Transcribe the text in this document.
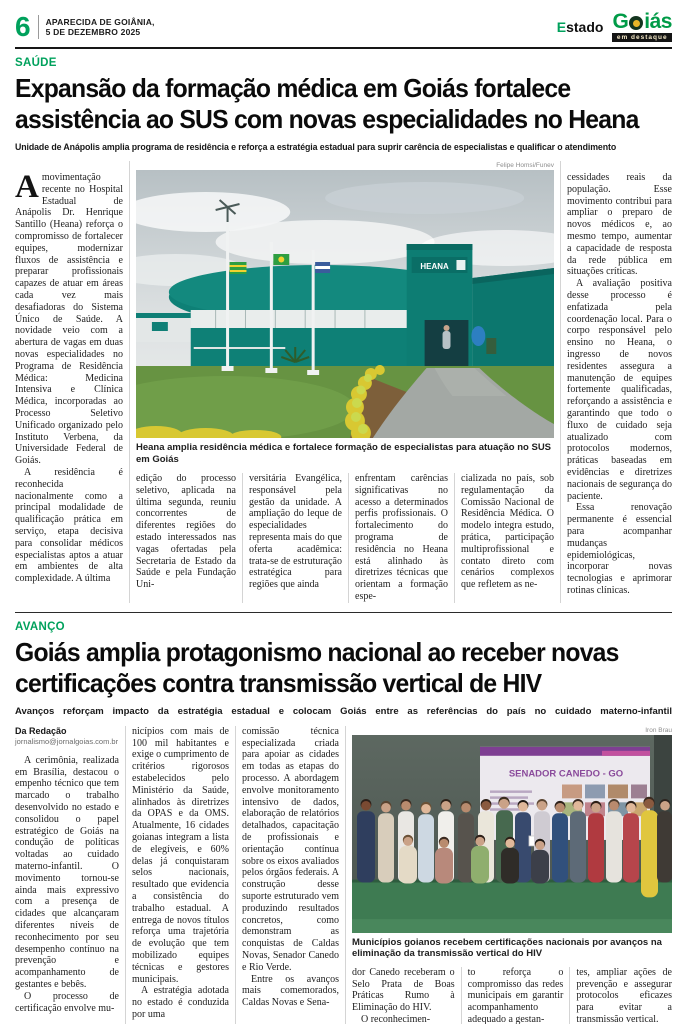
6 APARECIDA DE GOIÂNIA,
5 DE DEZEMBRO 2025	Estado G iás
em destaque
SAÚDE
Expansão da formação médica em Goiás fortalece
assistência ao SUS com novas especialidades no Heana
Unidade de Anápolis amplia programa de residência e reforça a estratégia estadual para suprir carência de especialistas e qualificar o atendimento

Amovimentação recente no Hospital Estadual de Anápolis Dr. Henrique Santillo (Heana) reforça o compromisso de fortalecer equipes, modernizar fluxos de assistência e preparar profissionais capazes de atuar em áreas cada vez mais desafiadoras do Sistema Único de Saúde. A novidade veio com a abertura de vagas em duas novas especialidades no Programa de Residência Médica: Medicina Intensiva e Clínica Médica, incorporadas ao Processo Seletivo Unificado organizado pelo Instituto Verbena, da Universidade Federal de Goiás.

A residência é reconhecida nacionalmente como a principal modalidade de qualificação prática em serviço, etapa decisiva para consolidar médicos especialistas aptos a atuar em ambientes de alta complexidade. A última

Felipe Homsi/Funev
HEANA
Heana amplia residência médica e fortalece formação de especialistas para atuação no SUS em Goiás

edição do processo seletivo, aplicada na última segunda, reuniu concorrentes de diferentes regiões do estado interessados nas vagas ofertadas pela Secretaria de Estado da Saúde e pela Fundação Uni-

versitária Evangélica, responsável pela gestão da unidade. A ampliação do leque de especialidades representa mais do que oferta acadêmica: trata-se de estruturação estratégica para regiões que ainda

enfrentam carências significativas no acesso a determinados perfis profissionais. O fortalecimento do programa de residência no Heana está alinhado às diretrizes técnicas que orientam a formação espe-

cializada no país, sob regulamentação da Comissão Nacional de Residência Médica. O modelo integra estudo, prática, participação multiprofissional e contato direto com cenários complexos que refletem as ne-

cessidades reais da população. Esse movimento contribui para ampliar o preparo de novos médicos e, ao mesmo tempo, aumentar a capacidade de resposta da rede pública em situações críticas.

A avaliação positiva desse processo é enfatizada pela coordenação local. Para o corpo responsável pelo ensino no Heana, o ingresso de novos residentes assegura a manutenção de equipes fortemente qualificadas, reforçando a assistência e garantindo que todo o fluxo de cuidado seja atualizado com protocolos modernos, práticas baseadas em evidências e diretrizes nacionais de segurança do paciente.

Essa renovação permanente é essencial para acompanhar mudanças epidemiológicas, incorporar novas tecnologias e aprimorar rotinas clínicas.

AVANÇO
Goiás amplia protagonismo nacional ao receber novas
certificações contra transmissão vertical de HIV
Avanços reforçam impacto da estratégia estadual e colocam Goiás entre as referências do país no cuidado materno-infantil
Da Redação
jornalismo@jornalgoias.com.br

A cerimônia, realizada em Brasília, destacou o empenho técnico que tem marcado o trabalho desenvolvido no estado e consolidou o papel estratégico de Goiás na condução de políticas voltadas ao cuidado materno-infantil. O movimento tornou-se ainda mais expressivo com a presença de cidades que alcançaram diferentes níveis de reconhecimento por seu desempenho contínuo na prevenção e acompanhamento de gestantes e bebês.

O processo de certificação envolve mu-

nicípios com mais de 100 mil habitantes e exige o cumprimento de critérios rigorosos estabelecidos pelo Ministério da Saúde, alinhados às diretrizes da OPAS e da OMS. Atualmente, 16 cidades goianas integram a lista de elegíveis, e 60% delas já conquistaram selos nacionais, resultado que evidencia a consistência do trabalho estadual. A entrega de novos títulos reforça uma trajetória de evolução que tem mobilizado equipes técnicas e gestores municipais.

A estratégia adotada no estado é conduzida por uma

comissão técnica especializada criada para apoiar as cidades em todas as etapas do processo. A abordagem envolve monitoramento intensivo de dados, elaboração de relatórios detalhados, capacitação de profissionais e orientação contínua sobre os eixos avaliados pelos órgãos federais. A construção desse suporte estruturado vem produzindo resultados concretos, como demonstram as conquistas de Caldas Novas, Senador Canedo e Rio Verde.

Entre os avanços mais comemorados, Caldas Novas e Sena-

Iron Brau
SENADOR CANEDO - GO
Municípios goianos recebem certificações nacionais por avanços na eliminação da transmissão vertical do HIV

dor Canedo receberam o Selo Prata de Boas Práticas Rumo à Eliminação do HIV.

O reconhecimen-

to reforça o compromisso das redes municipais em garantir acompanhamento adequado a gestan-

tes, ampliar ações de prevenção e assegurar protocolos eficazes para evitar a transmissão vertical.
